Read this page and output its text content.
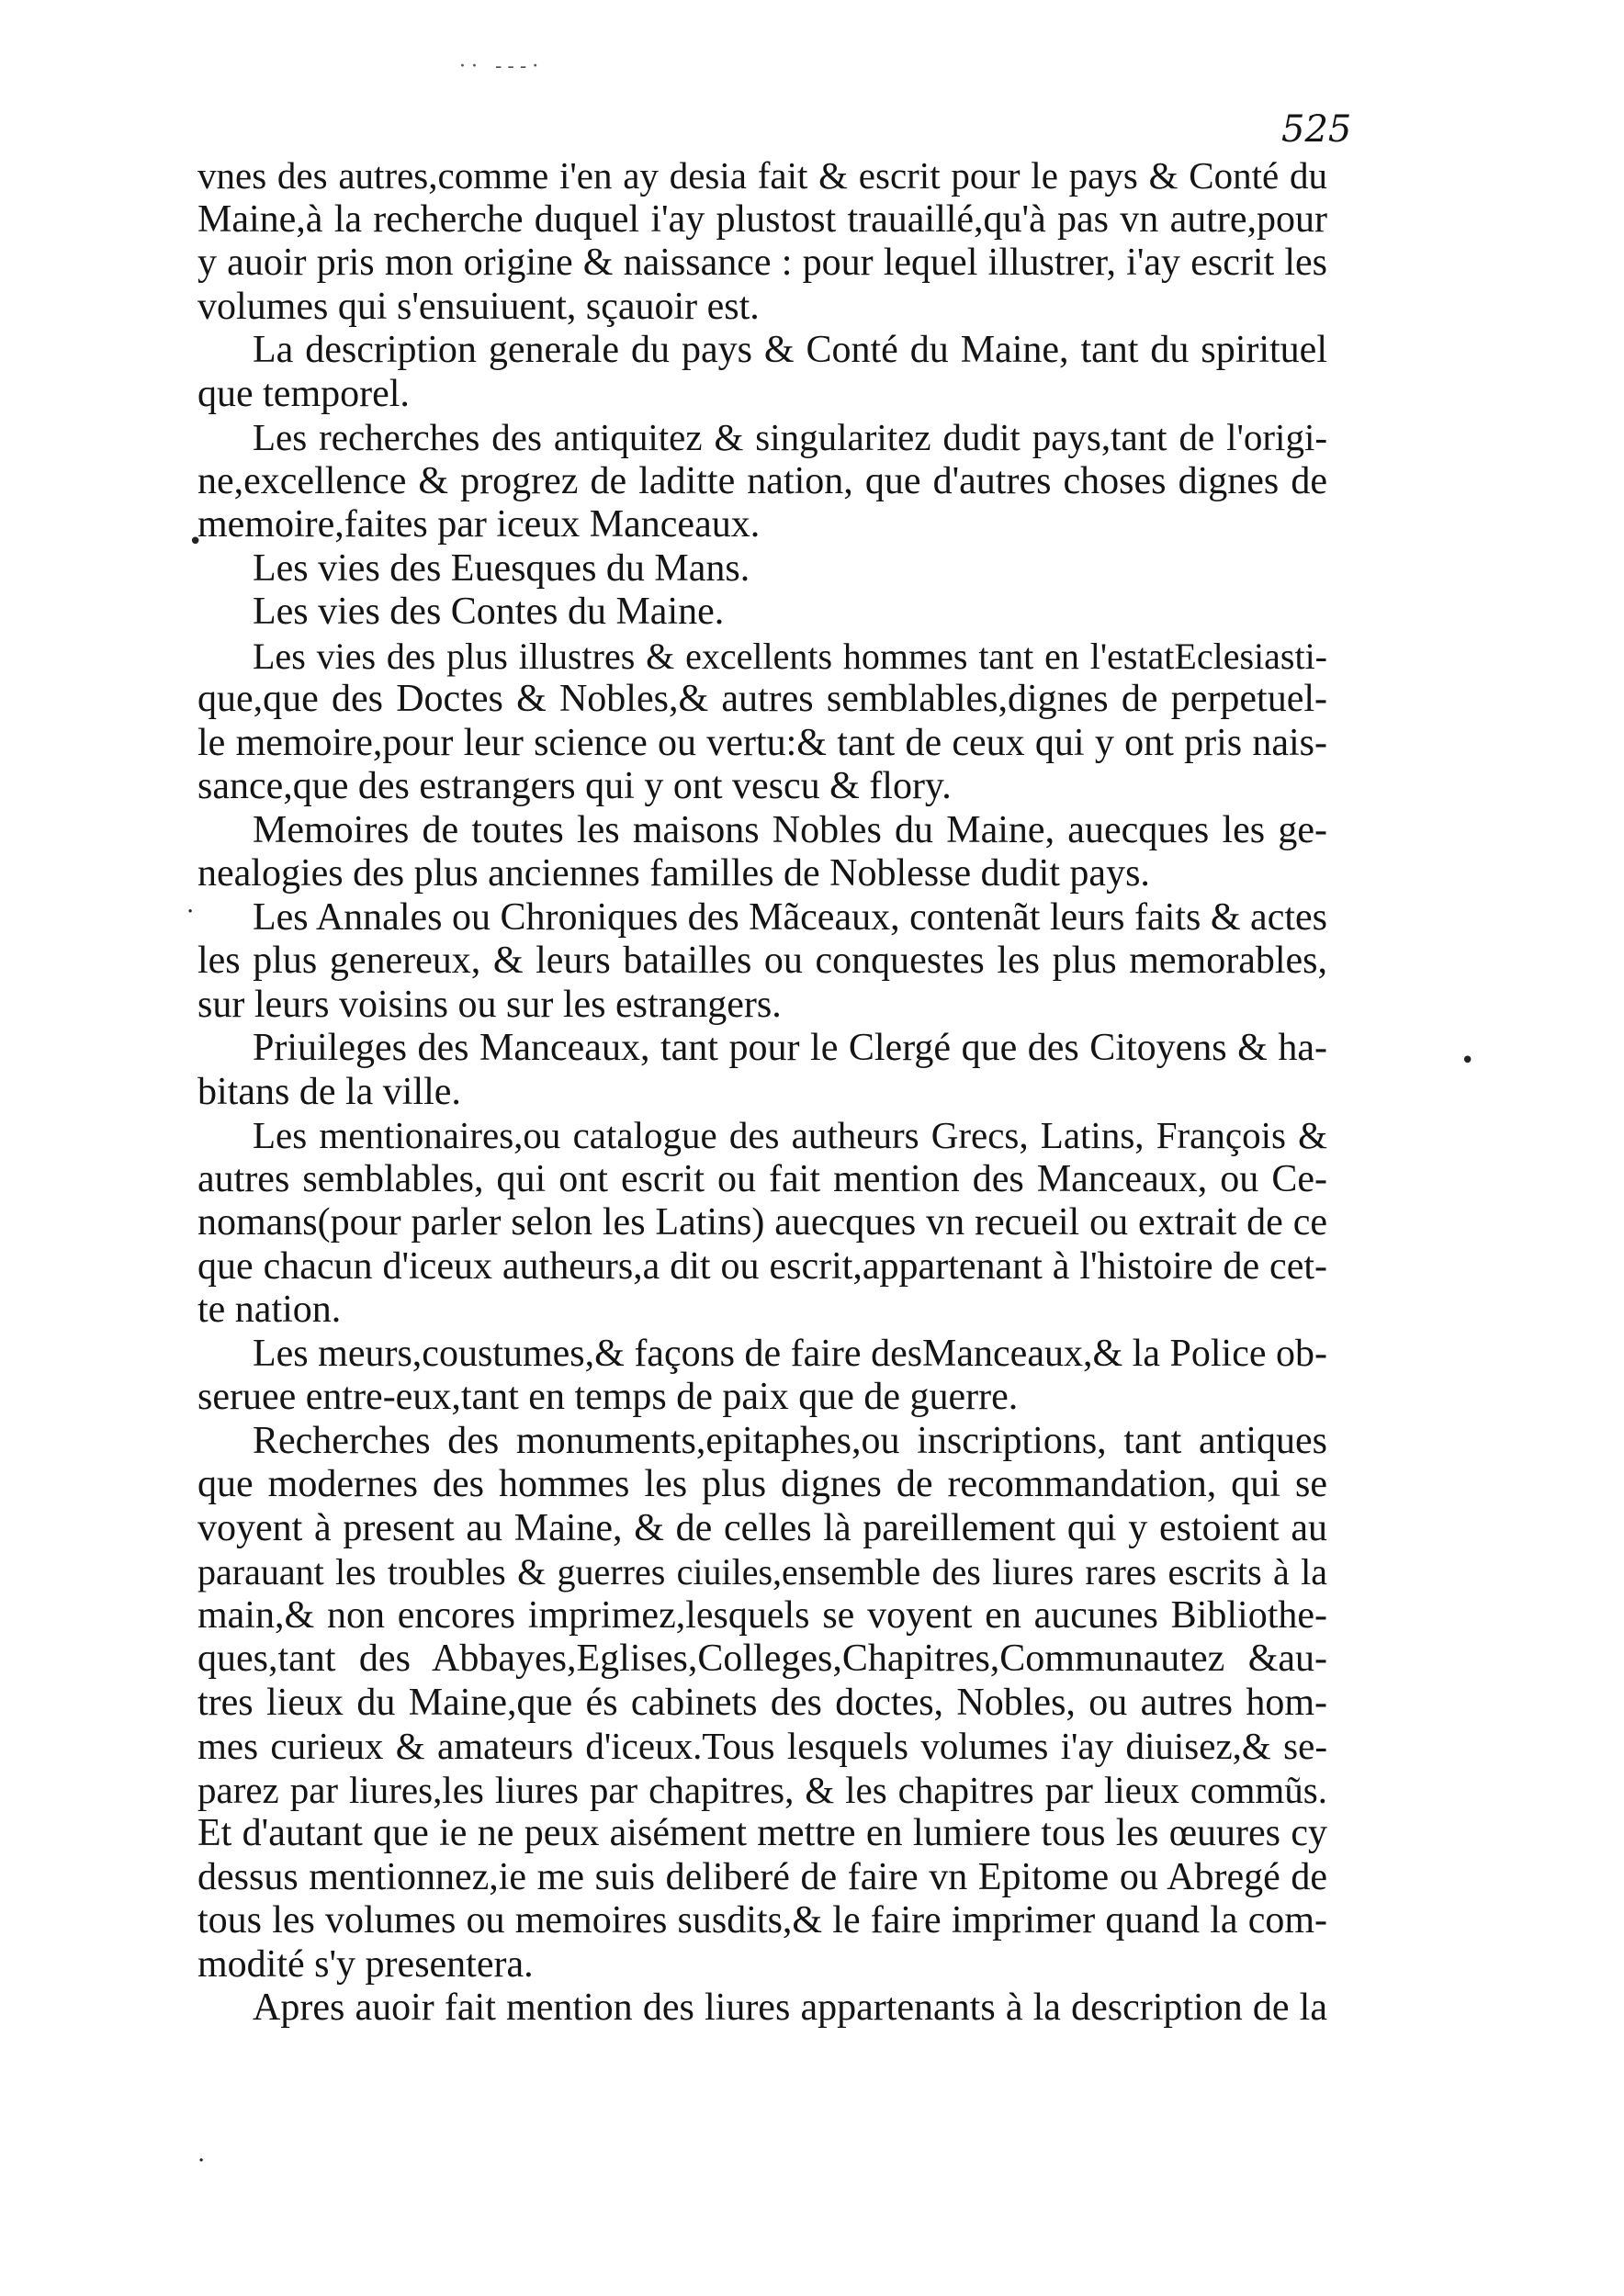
·· ---·
525
vnes des autres,comme i'en ay desia fait & escrit pour le pays & Conté du
Maine,à la recherche duquel i'ay plustost trauaillé,qu'à pas vn autre,pour
y auoir pris mon origine & naissance : pour lequel illustrer, i'ay escrit les
volumes qui s'ensuiuent, sçauoir est.
La description generale du pays & Conté du Maine, tant du spirituel
que temporel.
Les recherches des antiquitez & singularitez dudit pays,tant de l'origi-
ne,excellence & progrez de laditte nation, que d'autres choses dignes de
memoire,faites par iceux Manceaux.
Les vies des Euesques du Mans.
Les vies des Contes du Maine.
Les vies des plus illustres & excellents hommes tant en l'estatEclesiasti-
que,que des Doctes & Nobles,& autres semblables,dignes de perpetuel-
le memoire,pour leur science ou vertu:& tant de ceux qui y ont pris nais-
sance,que des estrangers qui y ont vescu & flory.
Memoires de toutes les maisons Nobles du Maine, auecques les ge-
nealogies des plus anciennes familles de Noblesse dudit pays.
Les Annales ou Chroniques des Mãceaux, contenãt leurs faits & actes
les plus genereux, & leurs batailles ou conquestes les plus memorables,
sur leurs voisins ou sur les estrangers.
Priuileges des Manceaux, tant pour le Clergé que des Citoyens & ha-
bitans de la ville.
Les mentionaires,ou catalogue des autheurs Grecs, Latins, François &
autres semblables, qui ont escrit ou fait mention des Manceaux, ou Ce-
nomans(pour parler selon les Latins) auecques vn recueil ou extrait de ce
que chacun d'iceux autheurs,a dit ou escrit,appartenant à l'histoire de cet-
te nation.
Les meurs,coustumes,& façons de faire desManceaux,& la Police ob-
seruee entre-eux,tant en temps de paix que de guerre.
Recherches des monuments,epitaphes,ou inscriptions, tant antiques
que modernes des hommes les plus dignes de recommandation, qui se
voyent à present au Maine, & de celles là pareillement qui y estoient au
parauant les troubles & guerres ciuiles,ensemble des liures rares escrits à la
main,& non encores imprimez,lesquels se voyent en aucunes Bibliothe-
ques,tant des Abbayes,Eglises,Colleges,Chapitres,Communautez &au-
tres lieux du Maine,que és cabinets des doctes, Nobles, ou autres hom-
mes curieux & amateurs d'iceux.Tous lesquels volumes i'ay diuisez,& se-
parez par liures,les liures par chapitres, & les chapitres par lieux commũs.
Et d'autant que ie ne peux aisément mettre en lumiere tous les œuures cy
dessus mentionnez,ie me suis deliberé de faire vn Epitome ou Abregé de
tous les volumes ou memoires susdits,& le faire imprimer quand la com-
modité s'y presentera.
Apres auoir fait mention des liures appartenants à la description de la
•
·
•
·
